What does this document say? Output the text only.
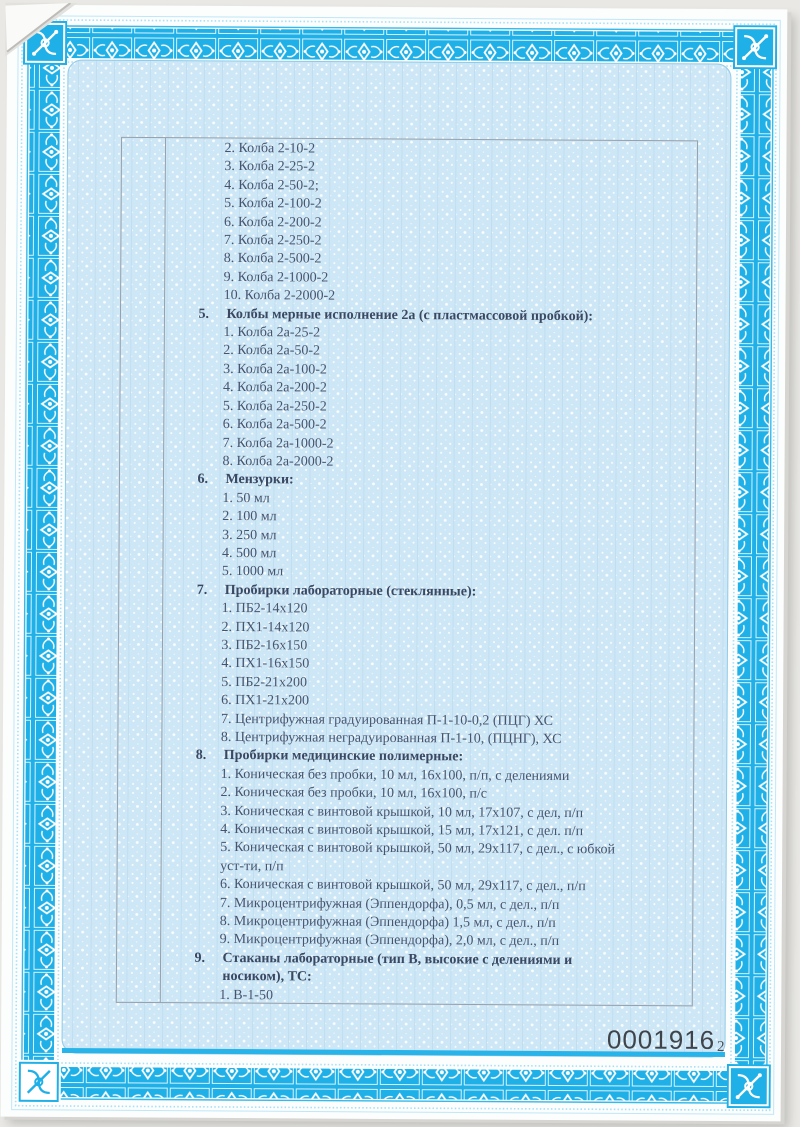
2. Колба 2-10-2
3. Колба 2-25-2
4. Колба 2-50-2;
5. Колба 2-100-2
6. Колба 2-200-2
7. Колба 2-250-2
8. Колба 2-500-2
9. Колба 2-1000-2
10. Колба 2-2000-2
5.	Колбы мерные исполнение 2а (с пластмассовой пробкой):
1. Колба 2а-25-2
2. Колба 2а-50-2
3. Колба 2а-100-2
4. Колба 2а-200-2
5. Колба 2а-250-2
6. Колба 2а-500-2
7. Колба 2а-1000-2
8. Колба 2а-2000-2
6.	Мензурки:
1. 50 мл
2. 100 мл
3. 250 мл
4. 500 мл
5. 1000 мл
7.	Пробирки лабораторные (стеклянные):
1. ПБ2-14х120
2. ПХ1-14х120
3. ПБ2-16х150
4. ПХ1-16х150
5. ПБ2-21х200
6. ПХ1-21х200
7. Центрифужная градуированная П-1-10-0,2 (ПЦГ) ХС
8. Центрифужная неградуированная П-1-10, (ПЦНГ), ХС
8.	Пробирки медицинские полимерные:
1. Коническая без пробки, 10 мл, 16х100, п/п, с делениями
2. Коническая без пробки, 10 мл, 16х100, п/с
3. Коническая с винтовой крышкой, 10 мл, 17х107, с дел, п/п
4. Коническая с винтовой крышкой, 15 мл, 17х121, с дел. п/п
5. Коническая с винтовой крышкой, 50 мл, 29х117, с дел., с юбкой
уст-ти, п/п
6. Коническая с винтовой крышкой, 50 мл, 29х117, с дел., п/п
7. Микроцентрифужная (Эппендорфа), 0,5 мл, с дел., п/п
8. Микроцентрифужная (Эппендорфа) 1,5 мл, с дел., п/п
9. Микроцентрифужная (Эппендорфа), 2,0 мл, с дел., п/п
9.	Стаканы лабораторные (тип В, высокие с делениями и
носиком), ТС:
1. В-1-50
0001916 2
